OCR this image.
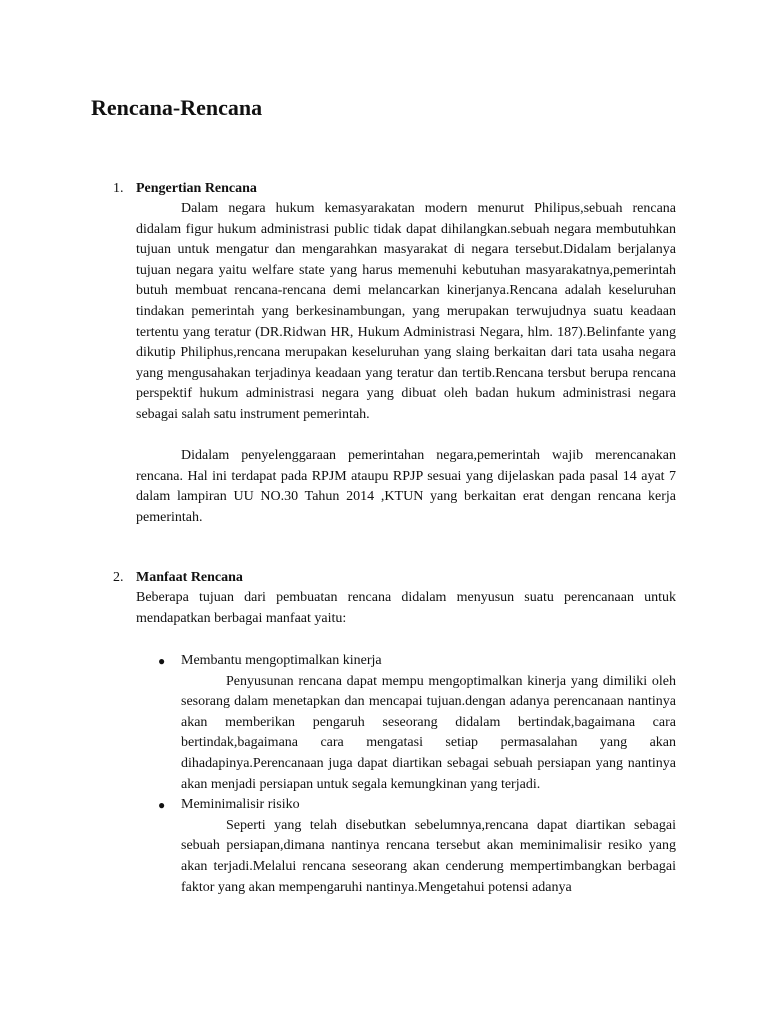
Rencana-Rencana
1. Pengertian Rencana

Dalam negara hukum kemasyarakatan modern menurut Philipus,sebuah rencana didalam figur hukum administrasi public tidak dapat dihilangkan.sebuah negara membutuhkan tujuan untuk mengatur dan mengarahkan masyarakat di negara tersebut.Didalam berjalanya tujuan negara yaitu welfare state yang harus memenuhi kebutuhan masyarakatnya,pemerintah butuh membuat rencana-rencana demi melancarkan kinerjanya.Rencana adalah keseluruhan tindakan pemerintah yang berkesinambungan, yang merupakan terwujudnya suatu keadaan tertentu yang teratur (DR.Ridwan HR, Hukum Administrasi Negara, hlm. 187).Belinfante yang dikutip Philiphus,rencana merupakan keseluruhan yang slaing berkaitan dari tata usaha negara yang mengusahakan terjadinya keadaan yang teratur dan tertib.Rencana tersbut berupa rencana perspektif hukum administrasi negara yang dibuat oleh badan hukum administrasi negara sebagai salah satu instrument pemerintah.

Didalam penyelenggaraan pemerintahan negara,pemerintah wajib merencanakan rencana. Hal ini terdapat pada RPJM ataupu RPJP sesuai yang dijelaskan pada pasal 14 ayat 7 dalam lampiran UU NO.30 Tahun 2014 ,KTUN yang berkaitan erat dengan rencana kerja pemerintah.

2. Manfaat Rencana

Beberapa tujuan dari pembuatan rencana didalam menyusun suatu perencanaan untuk mendapatkan berbagai manfaat yaitu:

● Membantu mengoptimalkan kinerja

Penyusunan rencana dapat mempu mengoptimalkan kinerja yang dimiliki oleh sesorang dalam menetapkan dan mencapai tujuan.dengan adanya perencanaan nantinya akan memberikan pengaruh seseorang didalam bertindak,bagaimana cara bertindak,bagaimana cara mengatasi setiap permasalahan yang akan dihadapinya.Perencanaan juga dapat diartikan sebagai sebuah persiapan yang nantinya akan menjadi persiapan untuk segala kemungkinan yang terjadi.

● Meminimalisir risiko

Seperti yang telah disebutkan sebelumnya,rencana dapat diartikan sebagai sebuah persiapan,dimana nantinya rencana tersebut akan meminimalisir resiko yang akan terjadi.Melalui rencana seseorang akan cenderung mempertimbangkan berbagai faktor yang akan mempengaruhi nantinya.Mengetahui potensi adanya
